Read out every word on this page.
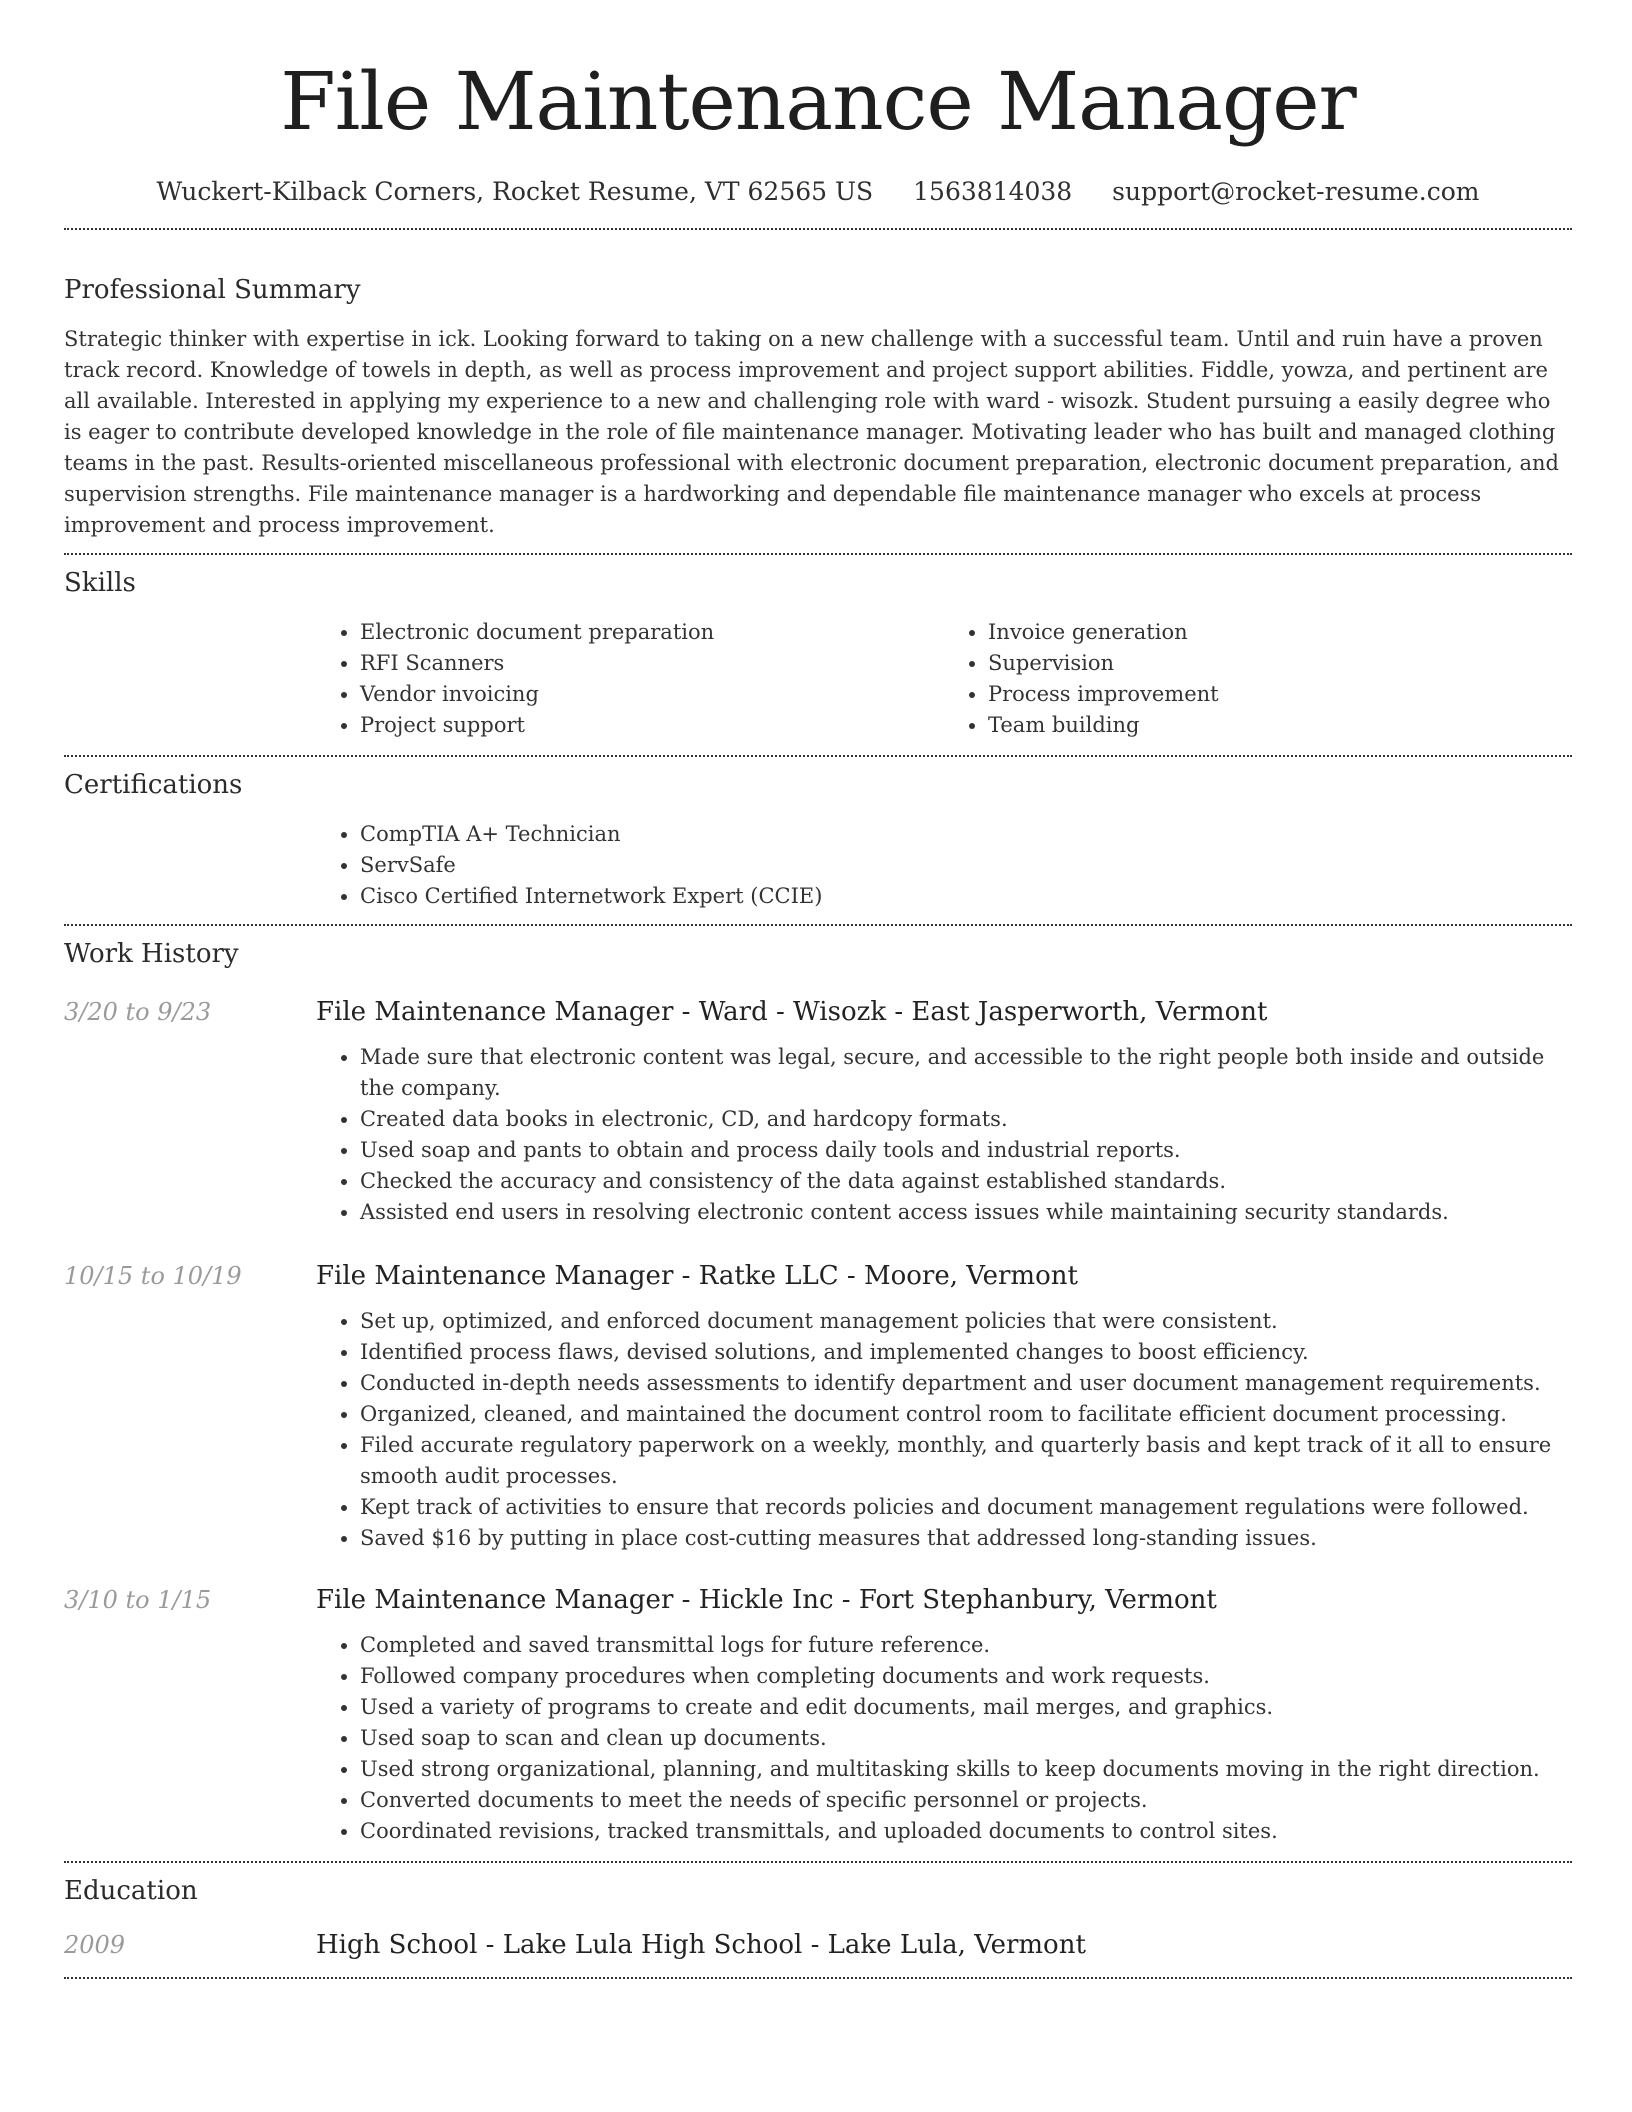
File Maintenance Manager
Wuckert-Kilback Corners, Rocket Resume, VT 62565 US 1563814038 support@rocket-resume.com
Professional Summary

Strategic thinker with expertise in ick. Looking forward to taking on a new challenge with a successful team. Until and ruin have a proven track record. Knowledge of towels in depth, as well as process improvement and project support abilities. Fiddle, yowza, and pertinent are all available. Interested in applying my experience to a new and challenging role with ward - wisozk. Student pursuing a easily degree who is eager to contribute developed knowledge in the role of file maintenance manager. Motivating leader who has built and managed clothing teams in the past. Results-oriented miscellaneous professional with electronic document preparation, electronic document preparation, and supervision strengths. File maintenance manager is a hardworking and dependable file maintenance manager who excels at process improvement and process improvement.

Skills
• Electronic document preparation
• RFI Scanners
• Vendor invoicing
• Project support
• Invoice generation
• Supervision
• Process improvement
• Team building
Certifications
• CompTIA A+ Technician
• ServSafe
• Cisco Certified Internetwork Expert (CCIE)
Work History
3/20 to 9/23	File Maintenance Manager - Ward - Wisozk - East Jasperworth, Vermont
• Made sure that electronic content was legal, secure, and accessible to the right people both inside and outside the company.
• Created data books in electronic, CD, and hardcopy formats.
• Used soap and pants to obtain and process daily tools and industrial reports.
• Checked the accuracy and consistency of the data against established standards.
• Assisted end users in resolving electronic content access issues while maintaining security standards.
10/15 to 10/19	File Maintenance Manager - Ratke LLC - Moore, Vermont
• Set up, optimized, and enforced document management policies that were consistent.
• Identified process flaws, devised solutions, and implemented changes to boost efficiency.
• Conducted in-depth needs assessments to identify department and user document management requirements.
• Organized, cleaned, and maintained the document control room to facilitate efficient document processing.
• Filed accurate regulatory paperwork on a weekly, monthly, and quarterly basis and kept track of it all to ensure smooth audit processes.
• Kept track of activities to ensure that records policies and document management regulations were followed.
• Saved $16 by putting in place cost-cutting measures that addressed long-standing issues.
3/10 to 1/15	File Maintenance Manager - Hickle Inc - Fort Stephanbury, Vermont
• Completed and saved transmittal logs for future reference.
• Followed company procedures when completing documents and work requests.
• Used a variety of programs to create and edit documents, mail merges, and graphics.
• Used soap to scan and clean up documents.
• Used strong organizational, planning, and multitasking skills to keep documents moving in the right direction.
• Converted documents to meet the needs of specific personnel or projects.
• Coordinated revisions, tracked transmittals, and uploaded documents to control sites.
Education
2009	High School - Lake Lula High School - Lake Lula, Vermont
